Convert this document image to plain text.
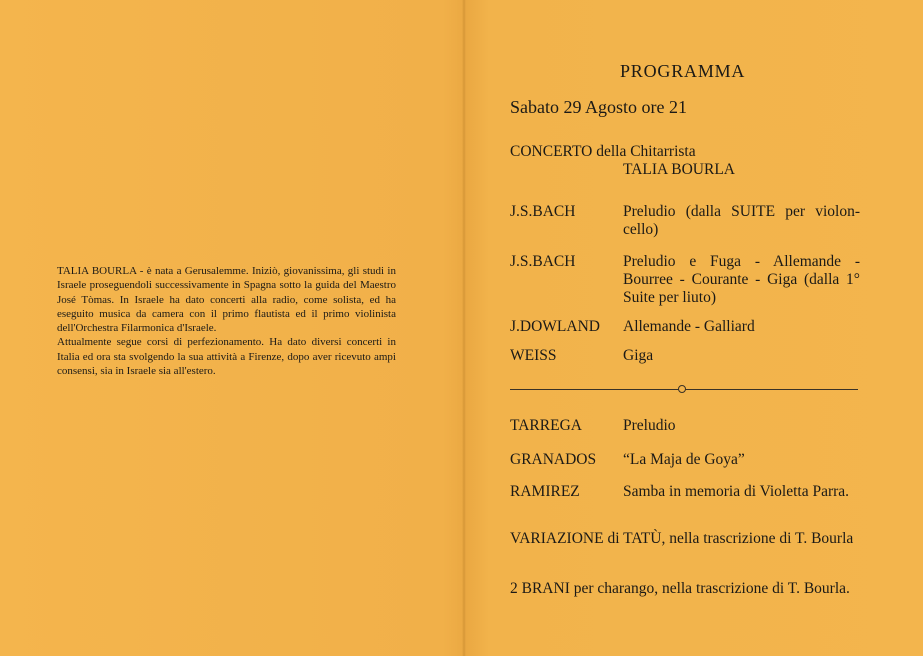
TALIA BOURLA - è nata a Gerusalemme. Iniziò, giovanissima, gli studi in Israele proseguendoli successivamente in Spagna sotto la guida del Maestro José Tòmas. In Israele ha dato concerti alla radio, come solista, ed ha eseguito musica da camera con il primo flautista ed il primo violinista dell'Orchestra Filarmonica d'Israele.

Attualmente segue corsi di perfezionamento. Ha dato diversi concerti in Italia ed ora sta svolgendo la sua attività a Firenze, dopo aver ricevuto ampi consensi, sia in Israele sia all'estero.

PROGRAMMA
Sabato 29 Agosto ore 21
CONCERTO della Chitarrista
TALIA BOURLA
J.S.BACH	Preludio (dalla SUITE per violon-cello)
J.S.BACH	Preludio e Fuga - Allemande - Bourree - Courante - Giga (dalla 1° Suite per liuto)
J.DOWLAND	Allemande - Galliard
WEISS	Giga
TARREGA	Preludio
GRANADOS	“La Maja de Goya”
RAMIREZ	Samba in memoria di Violetta Parra.
VARIAZIONE di TATÙ, nella trascrizione di T. Bourla
2 BRANI per charango, nella trascrizione di T. Bourla.
